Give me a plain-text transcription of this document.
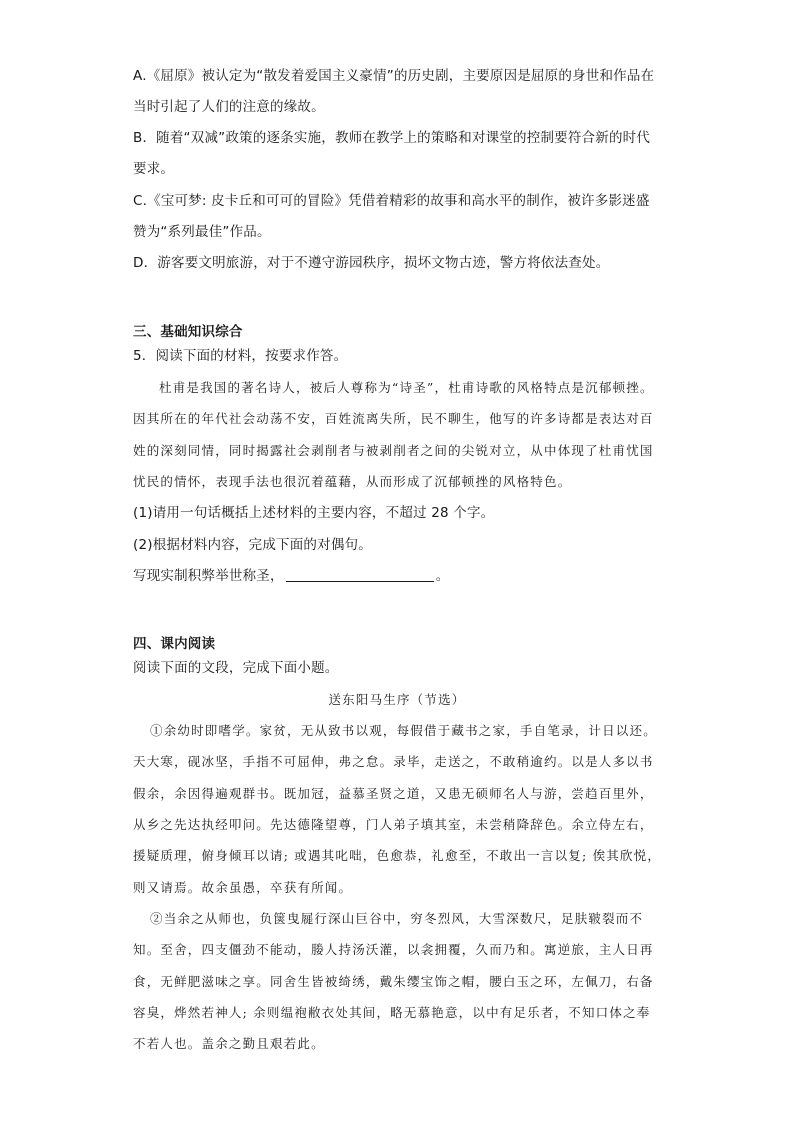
A.《屈原》被认定为“散发着爱国主义豪情”的历史剧，主要原因是屈原的身世和作品在
当时引起了人们的注意的缘故。
B．随着“双减”政策的逐条实施，教师在教学上的策略和对课堂的控制要符合新的时代
要求。
C.《宝可梦: 皮卡丘和可可的冒险》凭借着精彩的故事和高水平的制作，被许多影迷盛
赞为“系列最佳”作品。
D．游客要文明旅游，对于不遵守游园秩序，损坏文物古迹，警方将依法查处。
三、基础知识综合
5．阅读下面的材料，按要求作答。
杜甫是我国的著名诗人，被后人尊称为“诗圣”，杜甫诗歌的风格特点是沉郁顿挫。
因其所在的年代社会动荡不安，百姓流离失所，民不聊生，他写的许多诗都是表达对百
姓的深刻同情，同时揭露社会剥削者与被剥削者之间的尖锐对立，从中体现了杜甫忧国
忧民的情怀，表现手法也很沉着蕴藉，从而形成了沉郁顿挫的风格特色。
(1)请用一句话概括上述材料的主要内容，不超过 28 个字。
(2)根据材料内容，完成下面的对偶句。
写现实制积弊举世称圣，	。
四、课内阅读
阅读下面的文段，完成下面小题。
送东阳马生序（节选）
①余幼时即嗜学。家贫，无从致书以观，每假借于藏书之家，手自笔录，计日以还。
天大寒，砚冰坚，手指不可屈伸，弗之怠。录毕，走送之，不敢稍逾约。以是人多以书
假余，余因得遍观群书。既加冠，益慕圣贤之道，又患无硕师名人与游，尝趋百里外，
从乡之先达执经叩问。先达德隆望尊，门人弟子填其室，未尝稍降辞色。余立侍左右，
援疑质理，俯身倾耳以请; 或遇其叱咄，色愈恭，礼愈至，不敢出一言以复; 俟其欣悦，
则又请焉。故余虽愚，卒获有所闻。
②当余之从师也，负箧曳屣行深山巨谷中，穷冬烈风，大雪深数尺，足肤皲裂而不
知。至舍，四支僵劲不能动，媵人持汤沃灌，以衾拥覆，久而乃和。寓逆旅，主人日再
食，无鲜肥滋味之享。同舍生皆被绮绣，戴朱缨宝饰之帽，腰白玉之环，左佩刀，右备
容臭，烨然若神人; 余则缊袍敝衣处其间，略无慕艳意，以中有足乐者，不知口体之奉
不若人也。盖余之勤且艰若此。
